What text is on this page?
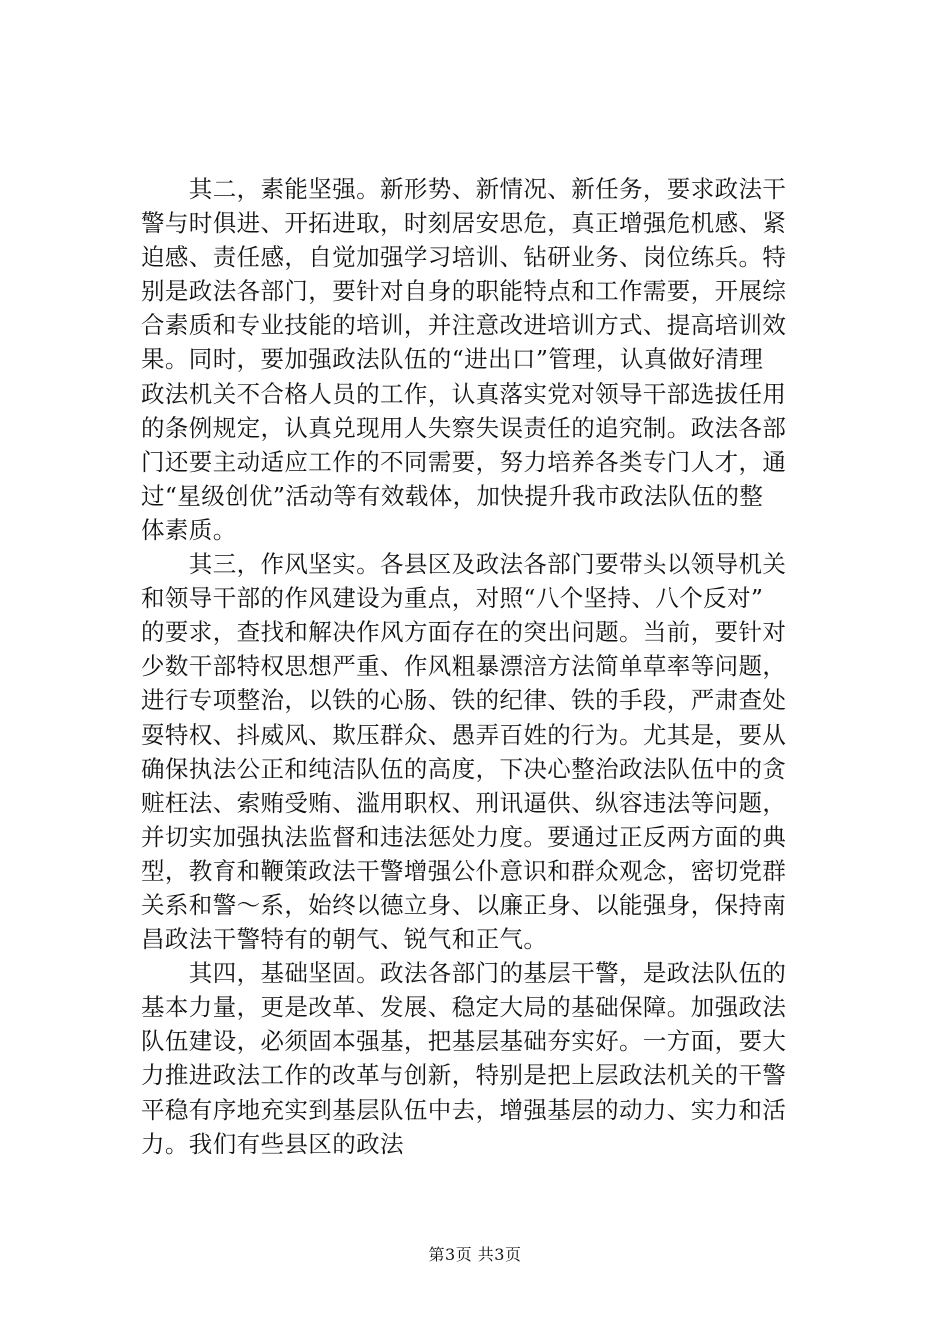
　　其二，素能坚强。新形势、新情况、新任务，要求政法干
警与时俱进、开拓进取，时刻居安思危，真正增强危机感、紧
迫感、责任感，自觉加强学习培训、钻研业务、岗位练兵。特
别是政法各部门，要针对自身的职能特点和工作需要，开展综
合素质和专业技能的培训，并注意改进培训方式、提高培训效
果。同时，要加强政法队伍的“进出口”管理，认真做好清理
政法机关不合格人员的工作，认真落实党对领导干部选拔任用
的条例规定，认真兑现用人失察失误责任的追究制。政法各部
门还要主动适应工作的不同需要，努力培养各类专门人才，通
过“星级创优”活动等有效载体，加快提升我市政法队伍的整
体素质。
　　其三，作风坚实。各县区及政法各部门要带头以领导机关
和领导干部的作风建设为重点，对照“八个坚持、八个反对”
的要求，查找和解决作风方面存在的突出问题。当前，要针对
少数干部特权思想严重、作风粗暴漂涪方法简单草率等问题，
进行专项整治，以铁的心肠、铁的纪律、铁的手段，严肃查处
耍特权、抖威风、欺压群众、愚弄百姓的行为。尤其是，要从
确保执法公正和纯洁队伍的高度，下决心整治政法队伍中的贪
赃枉法、索贿受贿、滥用职权、刑讯逼供、纵容违法等问题，
并切实加强执法监督和违法惩处力度。要通过正反两方面的典
型，教育和鞭策政法干警增强公仆意识和群众观念，密切党群
关系和警～系，始终以德立身、以廉正身、以能强身，保持南
昌政法干警特有的朝气、锐气和正气。
　　其四，基础坚固。政法各部门的基层干警，是政法队伍的
基本力量，更是改革、发展、稳定大局的基础保障。加强政法
队伍建设，必须固本强基，把基层基础夯实好。一方面，要大
力推进政法工作的改革与创新，特别是把上层政法机关的干警
平稳有序地充实到基层队伍中去，增强基层的动力、实力和活
力。我们有些县区的政法
第3页 共3页
